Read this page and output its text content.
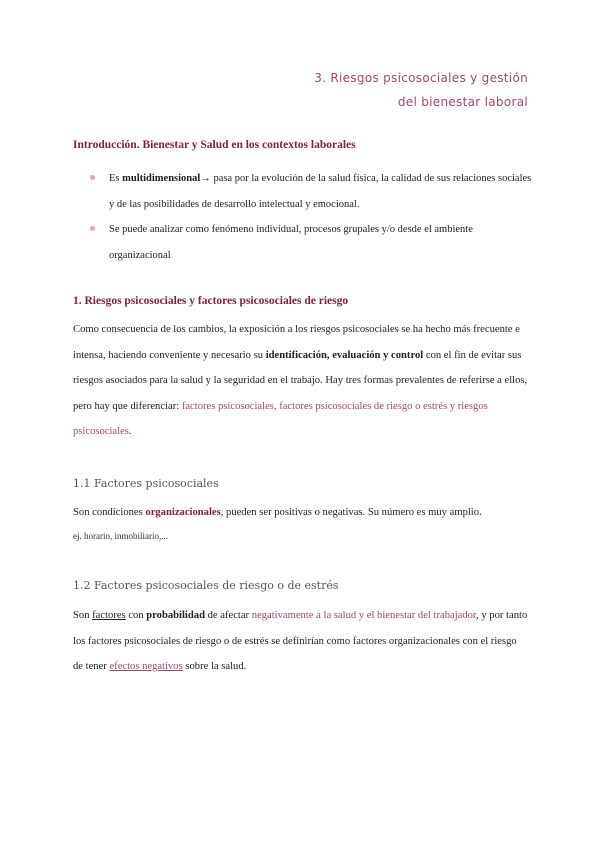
3. Riesgos psicosociales y gestión
del bienestar laboral
Introducción. Bienestar y Salud en los contextos laborales
Es multidimensional→ pasa por la evolución de la salud física, la calidad de sus relaciones sociales y de las posibilidades de desarrollo intelectual y emocional.
Se puede analizar como fenómeno individual, procesos grupales y/o desde el ambiente organizacional
1. Riesgos psicosociales y factores psicosociales de riesgo

Como consecuencia de los cambios, la exposición a los riesgos psicosociales se ha hecho más frecuente e intensa, haciendo conveniente y necesario su identificación, evaluación y control con el fin de evitar sus riesgos asociados para la salud y la seguridad en el trabajo. Hay tres formas prevalentes de referirse a ellos, pero hay que diferenciar: factores psicosociales, factores psicosociales de riesgo o estrés y riesgos psicosociales.

1.1 Factores psicosociales

Son condiciones organizacionales, pueden ser positivas o negativas. Su número es muy amplio.

ej. horario, inmobiliario,...
1.2 Factores psicosociales de riesgo o de estrés

Son factores con probabilidad de afectar negativamente a la salud y el bienestar del trabajador, y por tanto los factores psicosociales de riesgo o de estrés se definirían como factores organizacionales con el riesgo de tener efectos negativos sobre la salud.
